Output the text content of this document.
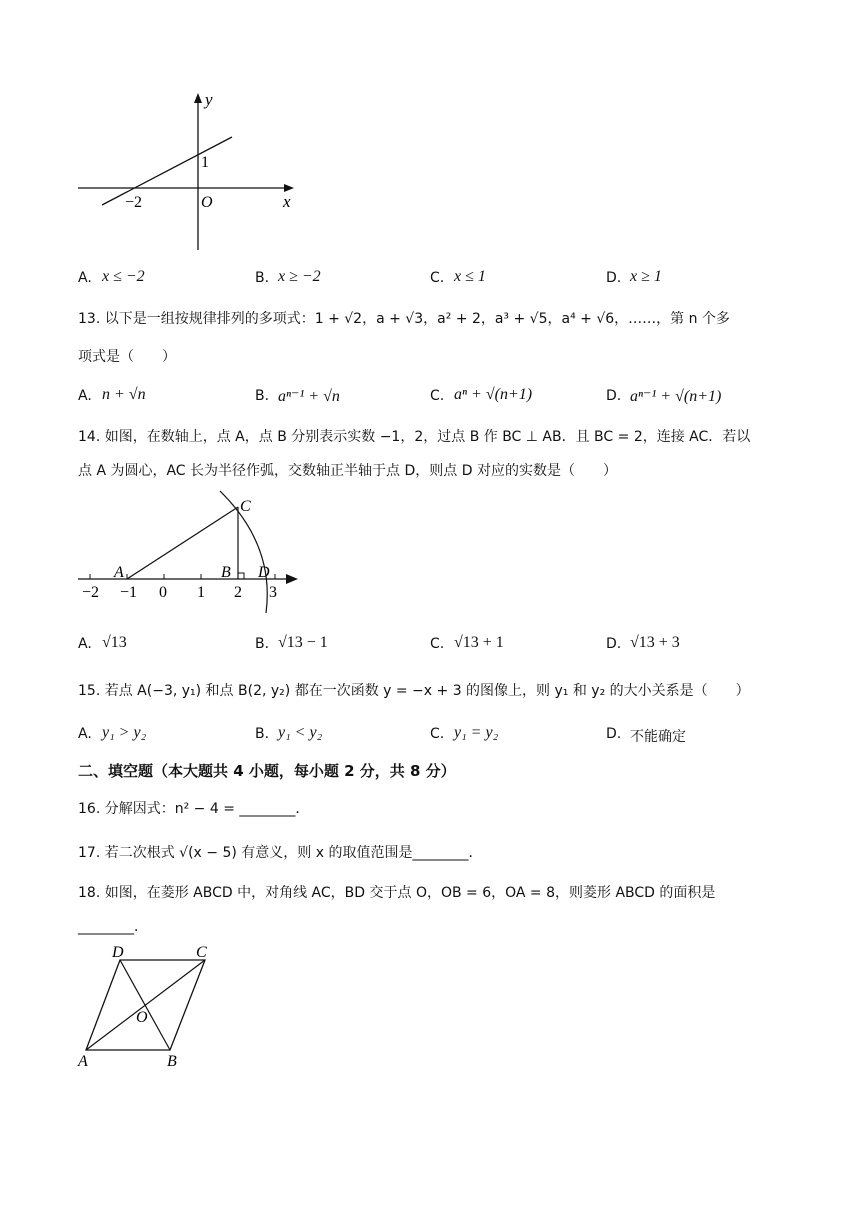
y
x
1
−2	O
A. x ≤ −2	B. x ≥ −2	C. x ≤ 1	D. x ≥ 1
13. 以下是一组按规律排列的多项式：1 + √2，a + √3，a² + 2，a³ + √5，a⁴ + √6，……，第 n 个多
项式是（　　）
A. n + √n	B. aⁿ⁻¹ + √n	C. aⁿ + √(n+1)	D. aⁿ⁻¹ + √(n+1)
14. 如图，在数轴上，点 A，点 B 分别表示实数 −1，2，过点 B 作 BC ⊥ AB．且 BC = 2，连接 AC．若以
点 A 为圆心，AC 长为半径作弧，交数轴正半轴于点 D，则点 D 对应的实数是（　　）
C
A	B D
−2 −1 0 1 2 3
A. √13	B. √13 − 1	C. √13 + 1	D. √13 + 3
15. 若点 A(−3, y₁) 和点 B(2, y₂) 都在一次函数 y = −x + 3 的图像上，则 y₁ 和 y₂ 的大小关系是（　　）
A. y₁ > y₂	B. y₁ < y₂	C. y₁ = y₂	D. 不能确定
二、填空题（本大题共 4 小题，每小题 2 分，共 8 分）
16. 分解因式：n² − 4 = ________．
17. 若二次根式 √(x − 5) 有意义，则 x 的取值范围是________．
18. 如图，在菱形 ABCD 中，对角线 AC，BD 交于点 O，OB = 6，OA = 8，则菱形 ABCD 的面积是
________．
A	B
C
D
O
